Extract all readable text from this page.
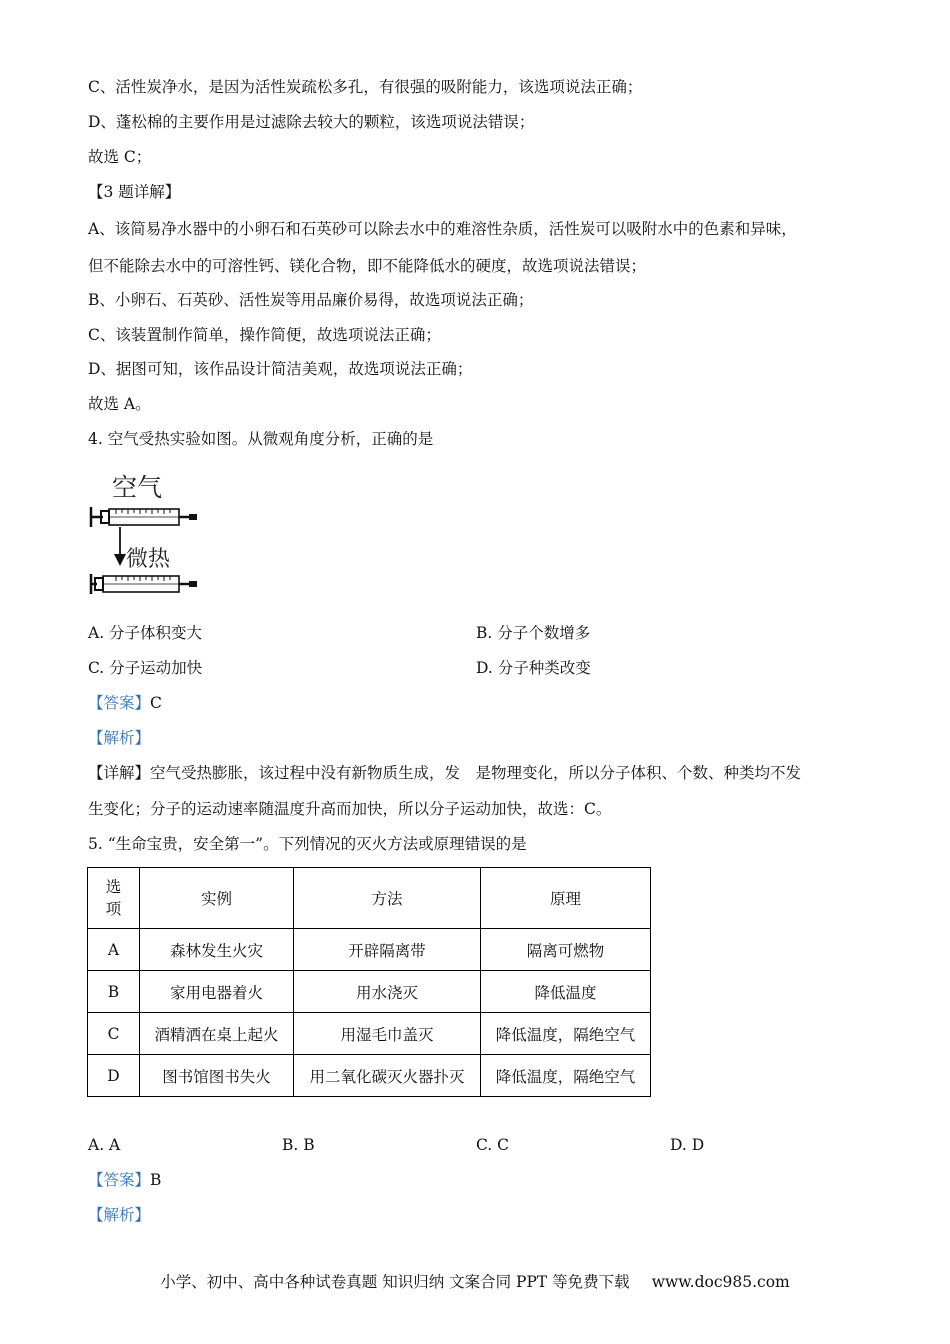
C、活性炭净水，是因为活性炭疏松多孔，有很强的吸附能力，该选项说法正确；
D、蓬松棉的主要作用是过滤除去较大的颗粒，该选项说法错误；
故选 C；
【3 题详解】
A、该简易净水器中的小卵石和石英砂可以除去水中的难溶性杂质，活性炭可以吸附水中的色素和异味，
但不能除去水中的可溶性钙、镁化合物，即不能降低水的硬度，故选项说法错误；
B、小卵石、石英砂、活性炭等用品廉价易得，故选项说法正确；
C、该装置制作简单，操作简便，故选项说法正确；
D、据图可知，该作品设计简洁美观，故选项说法正确；
故选 A。
4. 空气受热实验如图。从微观角度分析，正确的是
空气
微热
A. 分子体积变大	B. 分子个数增多
C. 分子运动加快	D. 分子种类改变
【答案】C
【解析】
【详解】空气受热膨胀，该过程中没有新物质生成，发　是物理变化，所以分子体积、个数、种类均不发
生变化；分子的运动速率随温度升高而加快，所以分子运动加快，故选：C。
5. “生命宝贵，安全第一”。下列情况的灭火方法或原理错误的是
选
项	实例	方法	原理
A	森林发生火灾	开辟隔离带	隔离可燃物
B	家用电器着火	用水浇灭	降低温度
C	酒精洒在桌上起火	用湿毛巾盖灭	降低温度，隔绝空气
D	图书馆图书失火	用二氧化碳灭火器扑灭	降低温度，隔绝空气
A. A	B. B	C. C	D. D
【答案】B
【解析】
小学、初中、高中各种试卷真题 知识归纳 文案合同 PPT 等免费下载 www.doc985.com
